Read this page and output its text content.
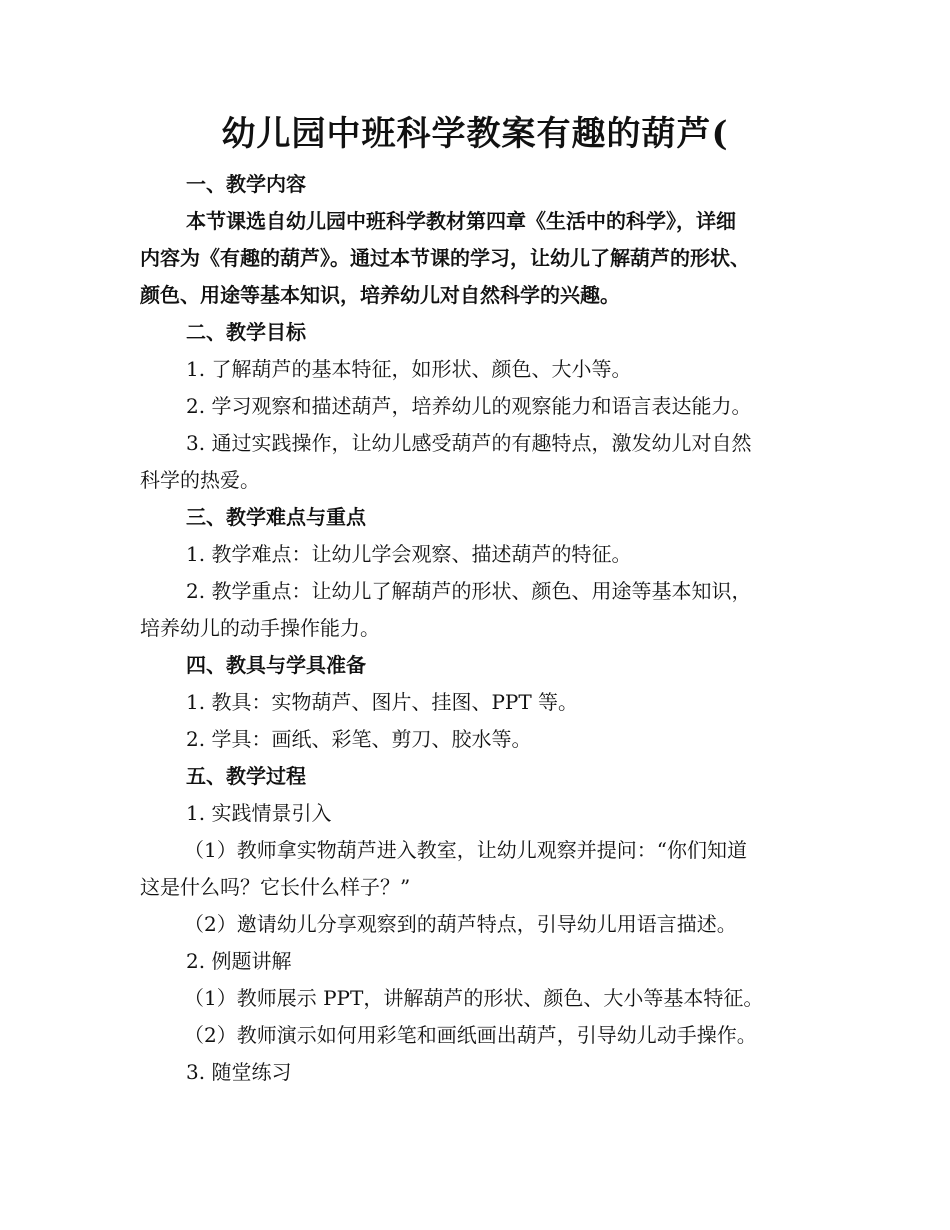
幼儿园中班科学教案有趣的葫芦(
一、教学内容
本节课选自幼儿园中班科学教材第四章《生活中的科学》，详细
内容为《有趣的葫芦》。通过本节课的学习，让幼儿了解葫芦的形状、
颜色、用途等基本知识，培养幼儿对自然科学的兴趣。
二、教学目标
1. 了解葫芦的基本特征，如形状、颜色、大小等。
2. 学习观察和描述葫芦，培养幼儿的观察能力和语言表达能力。
3. 通过实践操作，让幼儿感受葫芦的有趣特点，激发幼儿对自然
科学的热爱。
三、教学难点与重点
1. 教学难点：让幼儿学会观察、描述葫芦的特征。
2. 教学重点：让幼儿了解葫芦的形状、颜色、用途等基本知识，
培养幼儿的动手操作能力。
四、教具与学具准备
1. 教具：实物葫芦、图片、挂图、PPT 等。
2. 学具：画纸、彩笔、剪刀、胶水等。
五、教学过程
1. 实践情景引入
（1）教师拿实物葫芦进入教室，让幼儿观察并提问：“你们知道
这是什么吗？它长什么样子？”
（2）邀请幼儿分享观察到的葫芦特点，引导幼儿用语言描述。
2. 例题讲解
（1）教师展示 PPT，讲解葫芦的形状、颜色、大小等基本特征。
（2）教师演示如何用彩笔和画纸画出葫芦，引导幼儿动手操作。
3. 随堂练习
